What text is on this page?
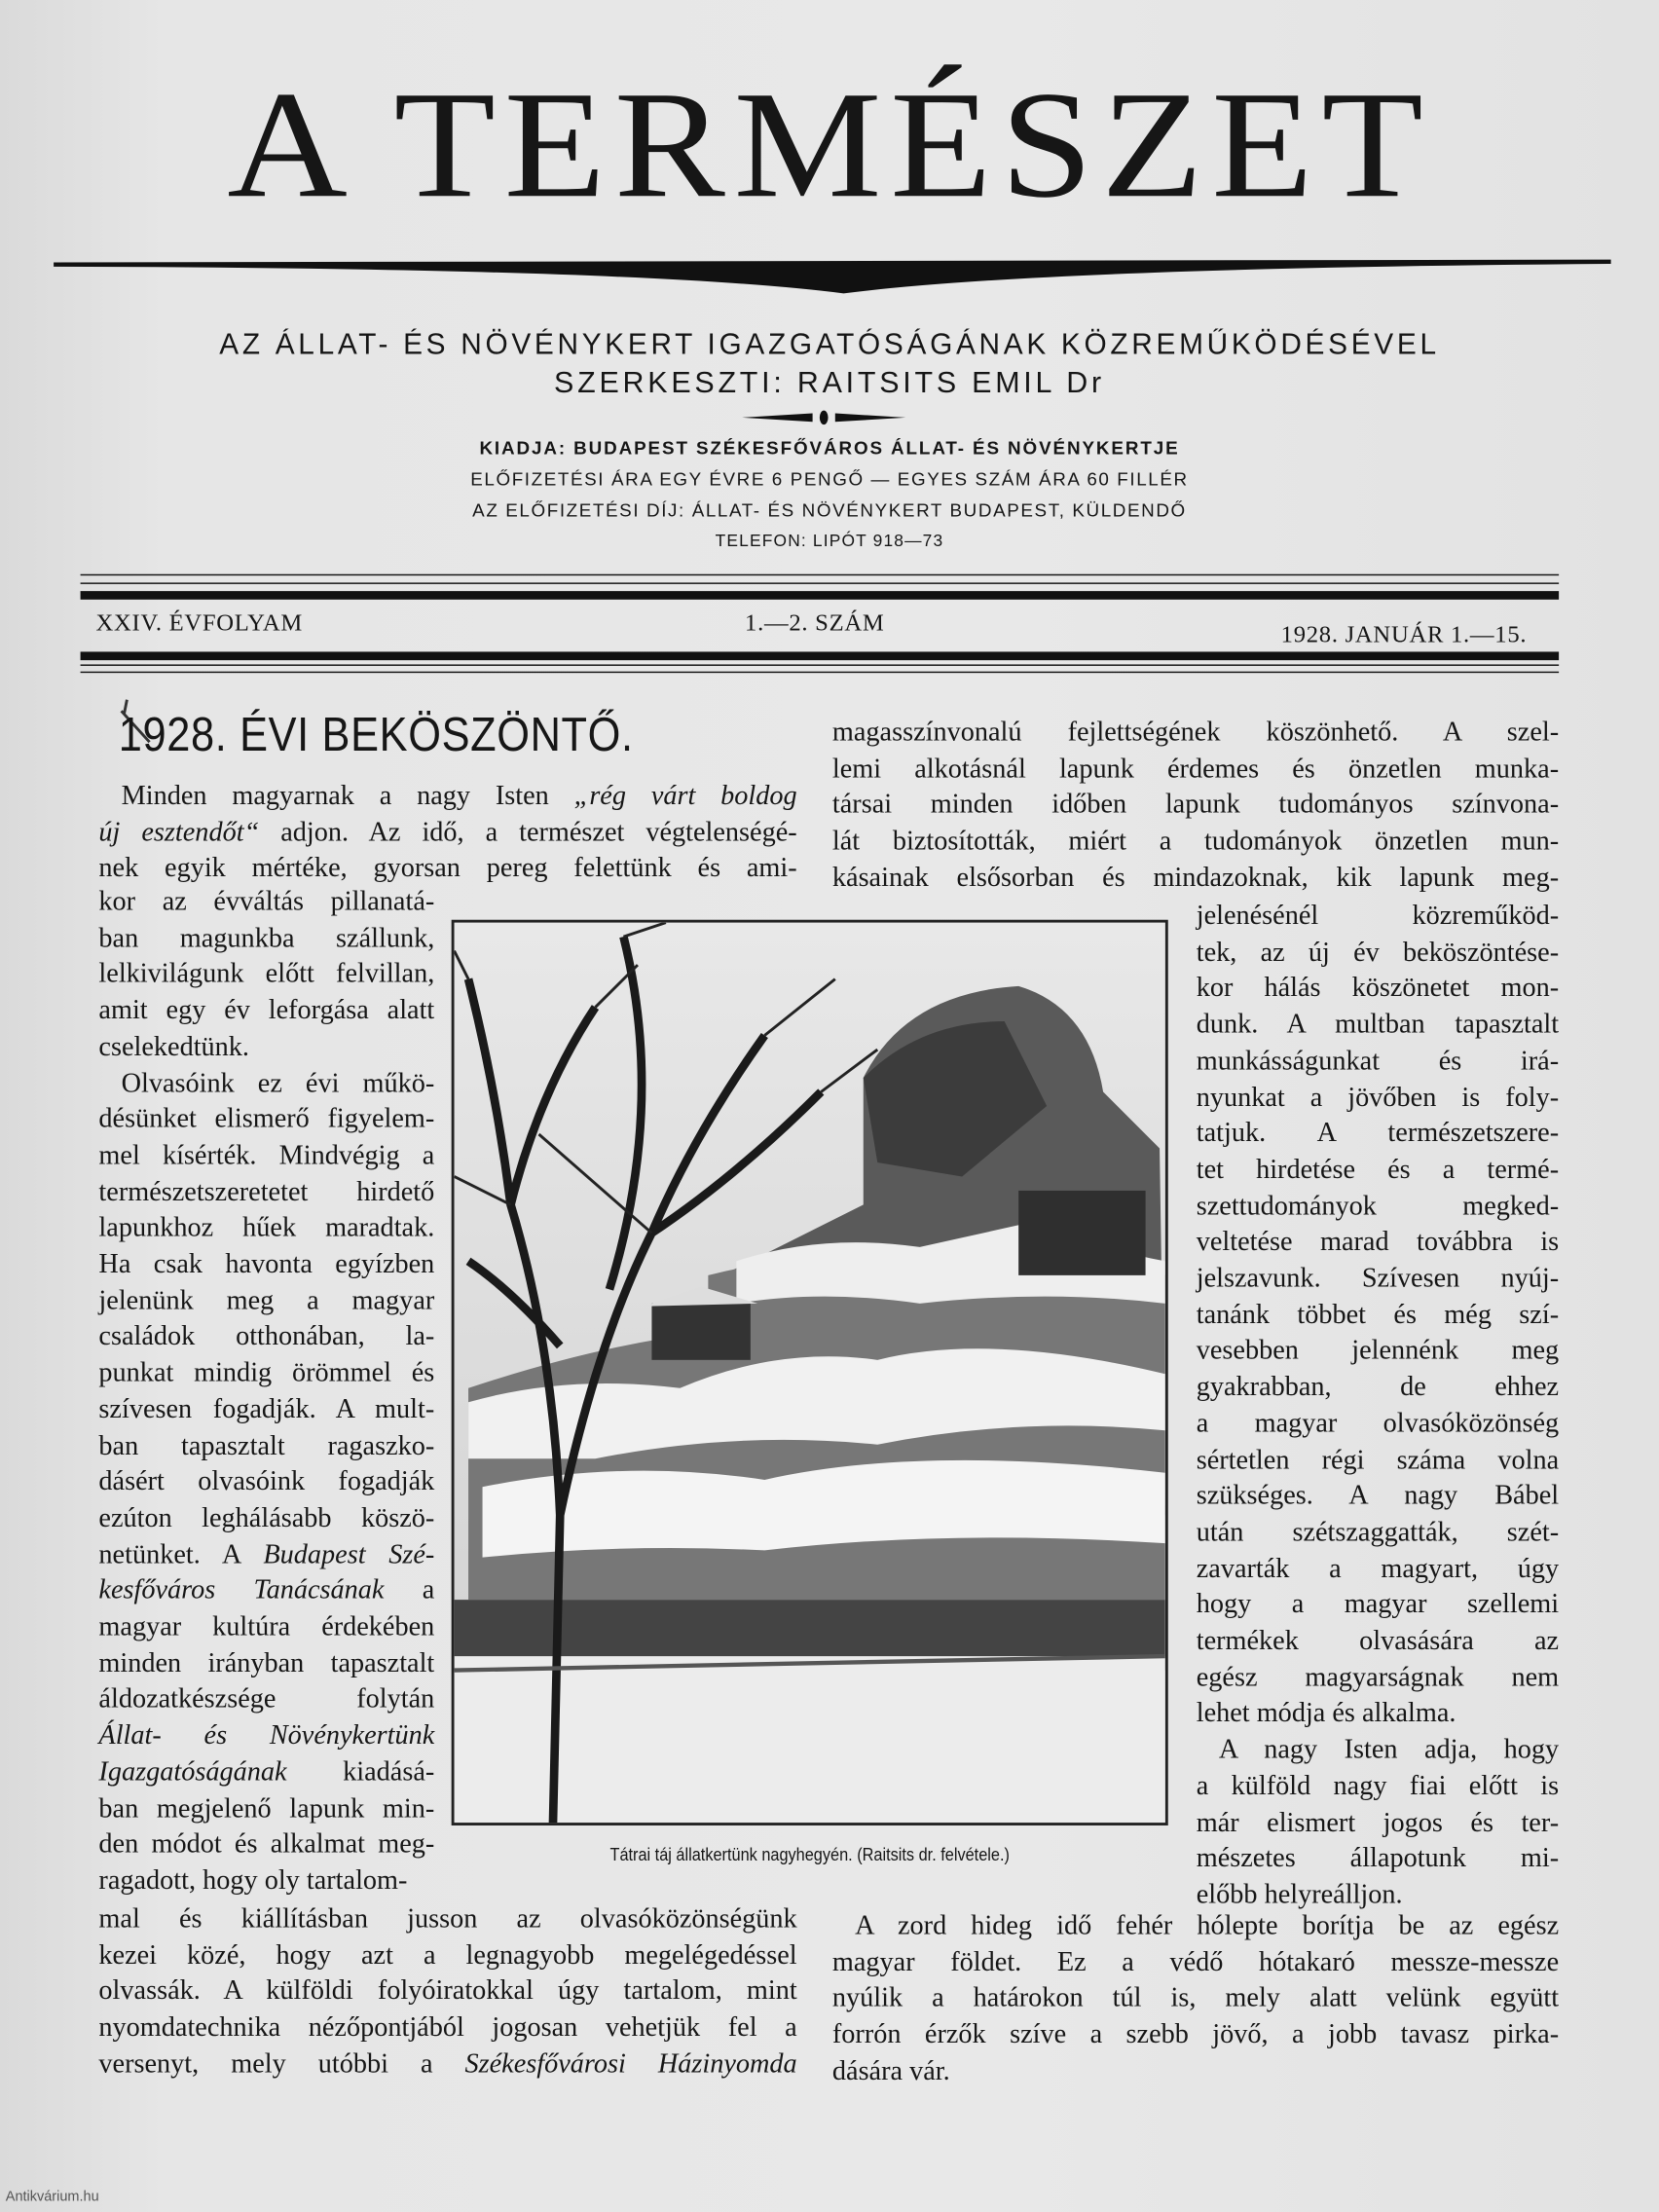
A TERMÉSZET
AZ ÁLLAT- ÉS NÖVÉNYKERT IGAZGATÓSÁGÁNAK KÖZREMŰKÖDÉSÉVEL
SZERKESZTI: RAITSITS EMIL Dr
KIADJA: BUDAPEST SZÉKESFŐVÁROS ÁLLAT- ÉS NÖVÉNYKERTJE
ELŐFIZETÉSI ÁRA EGY ÉVRE 6 PENGŐ — EGYES SZÁM ÁRA 60 FILLÉR
AZ ELŐFIZETÉSI DÍJ: ÁLLAT- ÉS NÖVÉNYKERT BUDAPEST, KÜLDENDŐ
TELEFON: LIPÓT 918—73
XXIV. ÉVFOLYAM	1.—2. SZÁM	1928. JANUÁR 1.—15.
1928. ÉVI BEKÖSZÖNTŐ.
Minden magyarnak a nagy Isten „rég várt boldog
új esztendőt“ adjon. Az idő, a természet végtelenségé-
nek egyik mértéke, gyorsan pereg felettünk és ami-
kor az évváltás pillanatá-
ban magunkba szállunk,
lelkivilágunk előtt felvillan,
amit egy év leforgása alatt
cselekedtünk.
Olvasóink ez évi műkö-
désünket elismerő figyelem-
mel kísérték. Mindvégig a
természetszeretetet hirdető
lapunkhoz hűek maradtak.
Ha csak havonta egyízben
jelenünk meg a magyar
családok otthonában, la-
punkat mindig örömmel és
szívesen fogadják. A mult-
ban tapasztalt ragaszko-
dásért olvasóink fogadják
ezúton leghálásabb köszö-
netünket. A Budapest Szé-
kesfőváros Tanácsának a
magyar kultúra érdekében
minden irányban tapasztalt
áldozatkészsége folytán
Állat- és Növénykertünk
Igazgatóságának kiadásá-
ban megjelenő lapunk min-
den módot és alkalmat meg-
ragadott, hogy oly tartalom-
mal és kiállításban jusson az olvasóközönségünk
kezei közé, hogy azt a legnagyobb megelégedéssel
olvassák. A külföldi folyóiratokkal úgy tartalom, mint
nyomdatechnika nézőpontjából jogosan vehetjük fel a
versenyt, mely utóbbi a Székesfővárosi Házinyomda
magasszínvonalú fejlettségének köszönhető. A szel-
lemi alkotásnál lapunk érdemes és önzetlen munka-
társai minden időben lapunk tudományos színvona-
lát biztosították, miért a tudományok önzetlen mun-
kásainak elsősorban és mindazoknak, kik lapunk meg-
jelenésénél közreműköd-
tek, az új év beköszöntése-
kor hálás köszönetet mon-
dunk. A multban tapasztalt
munkásságunkat és irá-
nyunkat a jövőben is foly-
tatjuk. A természetszere-
tet hirdetése és a termé-
szettudományok megked-
veltetése marad továbbra is
jelszavunk. Szívesen nyúj-
tanánk többet és még szí-
vesebben jelennénk meg
gyakrabban, de ehhez
a magyar olvasóközönség
sértetlen régi száma volna
szükséges. A nagy Bábel
után szétszaggatták, szét-
zavarták a magyart, úgy
hogy a magyar szellemi
termékek olvasására az
egész magyarságnak nem
lehet módja és alkalma.
A nagy Isten adja, hogy
a külföld nagy fiai előtt is
már elismert jogos és ter-
mészetes állapotunk mi-
előbb helyreálljon.
A zord hideg idő fehér hólepte borítja be az egész
magyar földet. Ez a védő hótakaró messze-messze
nyúlik a határokon túl is, mely alatt velünk együtt
forrón érzők szíve a szebb jövő, a jobb tavasz pirka-
dására vár.
Tátrai táj állatkertünk nagyhegyén. (Raitsits dr. felvétele.)
Antikvárium.hu
